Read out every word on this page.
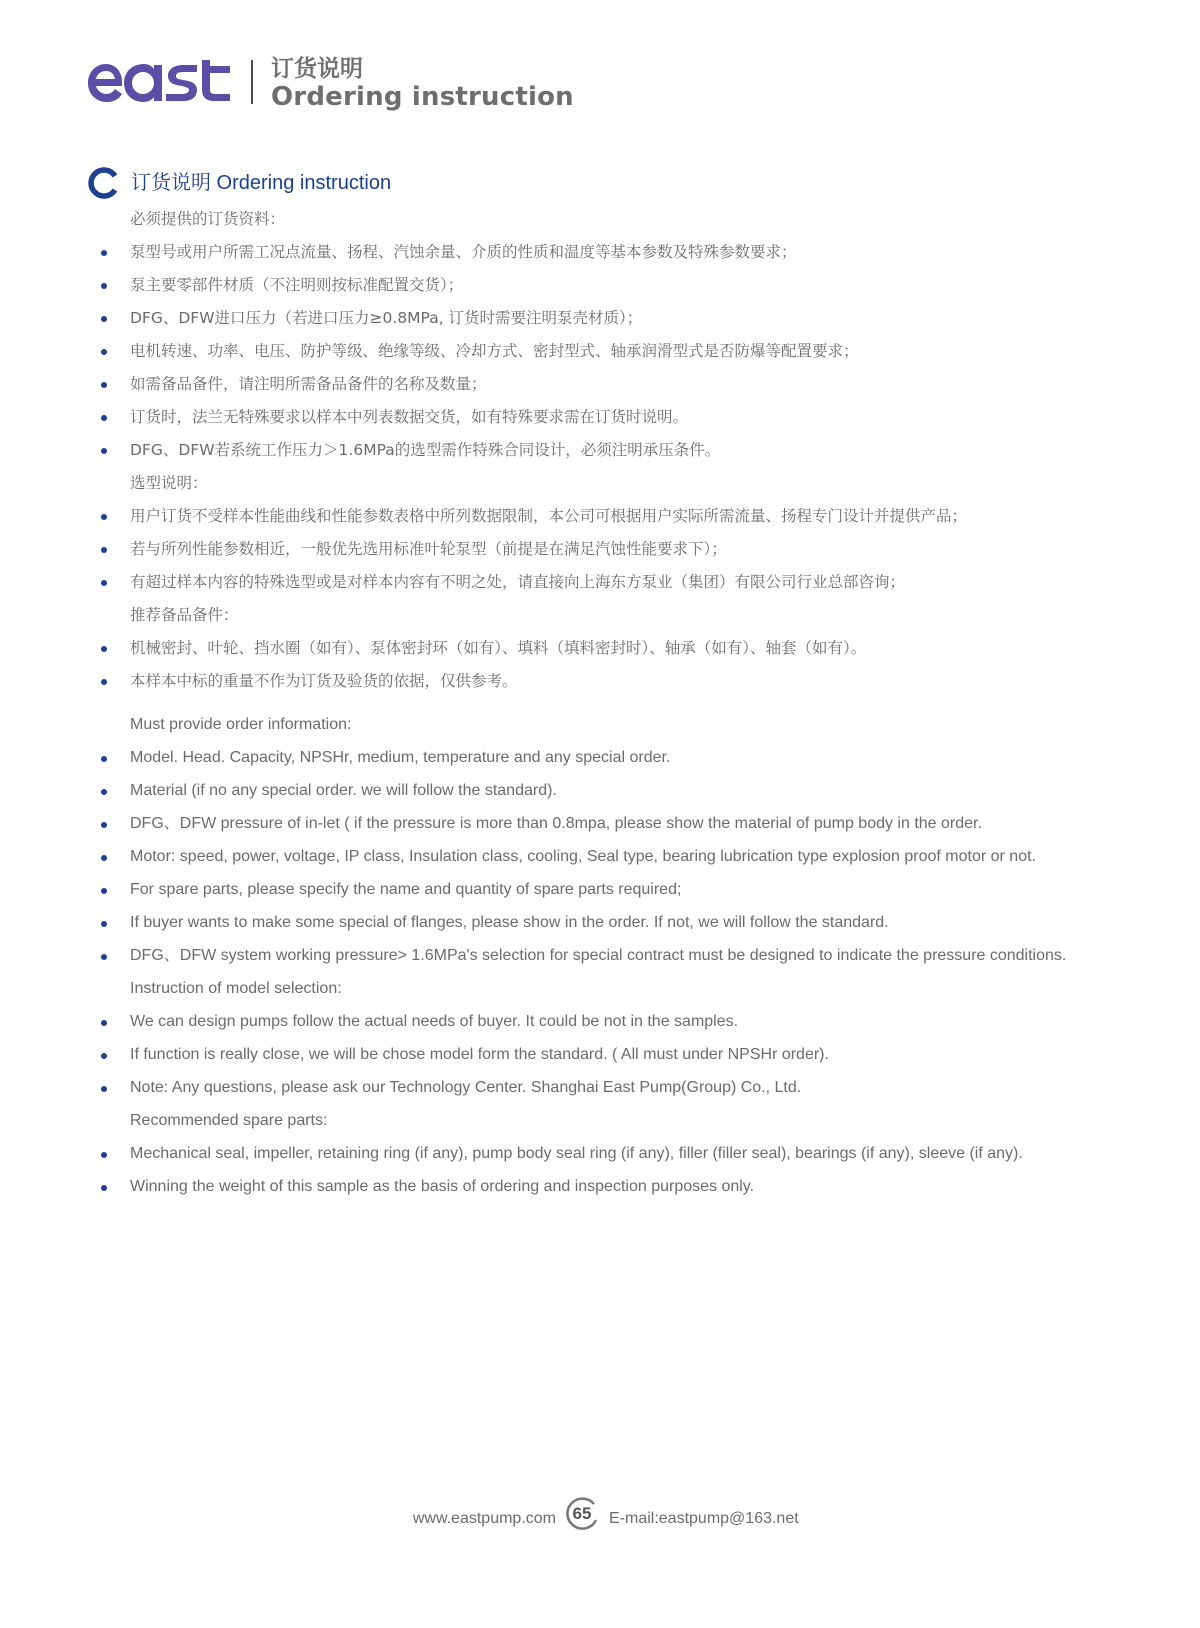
订货说明
Ordering instruction
订货说明 Ordering instruction
必须提供的订货资料：
泵型号或用户所需工况点流量、扬程、汽蚀余量、介质的性质和温度等基本参数及特殊参数要求；
泵主要零部件材质（不注明则按标准配置交货）；
DFG、DFW进口压力（若进口压力≥0.8MPa, 订货时需要注明泵壳材质）；
电机转速、功率、电压、防护等级、绝缘等级、冷却方式、密封型式、轴承润滑型式是否防爆等配置要求；
如需备品备件，请注明所需备品备件的名称及数量；
订货时，法兰无特殊要求以样本中列表数据交货，如有特殊要求需在订货时说明。
DFG、DFW若系统工作压力＞1.6MPa的选型需作特殊合同设计，必须注明承压条件。
选型说明：
用户订货不受样本性能曲线和性能参数表格中所列数据限制，本公司可根据用户实际所需流量、扬程专门设计并提供产品；
若与所列性能参数相近，一般优先选用标准叶轮泵型（前提是在满足汽蚀性能要求下）；
有超过样本内容的特殊选型或是对样本内容有不明之处，请直接向上海东方泵业（集团）有限公司行业总部咨询；
推荐备品备件：
机械密封、叶轮、挡水圈（如有）、泵体密封环（如有）、填料（填料密封时）、轴承（如有）、轴套（如有）。
本样本中标的重量不作为订货及验货的依据，仅供参考。
Must provide order information:
Model. Head. Capacity, NPSHr, medium, temperature and any special order.
Material (if no any special order. we will follow the standard).
DFG、DFW pressure of in-let ( if the pressure is more than 0.8mpa, please show the material of pump body in the order.
Motor: speed, power, voltage, IP class, Insulation class, cooling, Seal type, bearing lubrication type explosion proof motor or not.
For spare parts, please specify the name and quantity of spare parts required;
If buyer wants to make some special of flanges, please show in the order. If not, we will follow the standard.
DFG、DFW system working pressure> 1.6MPa's selection for special contract must be designed to indicate the pressure conditions.
Instruction of model selection:
We can design pumps follow the actual needs of buyer. It could be not in the samples.
If function is really close, we will be chose model form the standard. ( All must under NPSHr order).
Note: Any questions, please ask our Technology Center. Shanghai East Pump(Group) Co., Ltd.
Recommended spare parts:
Mechanical seal, impeller, retaining ring (if any), pump body seal ring (if any), filler (filler seal), bearings (if any), sleeve (if any).
Winning the weight of this sample as the basis of ordering and inspection purposes only.
www.eastpump.com 65	E-mail:eastpump@163.net
